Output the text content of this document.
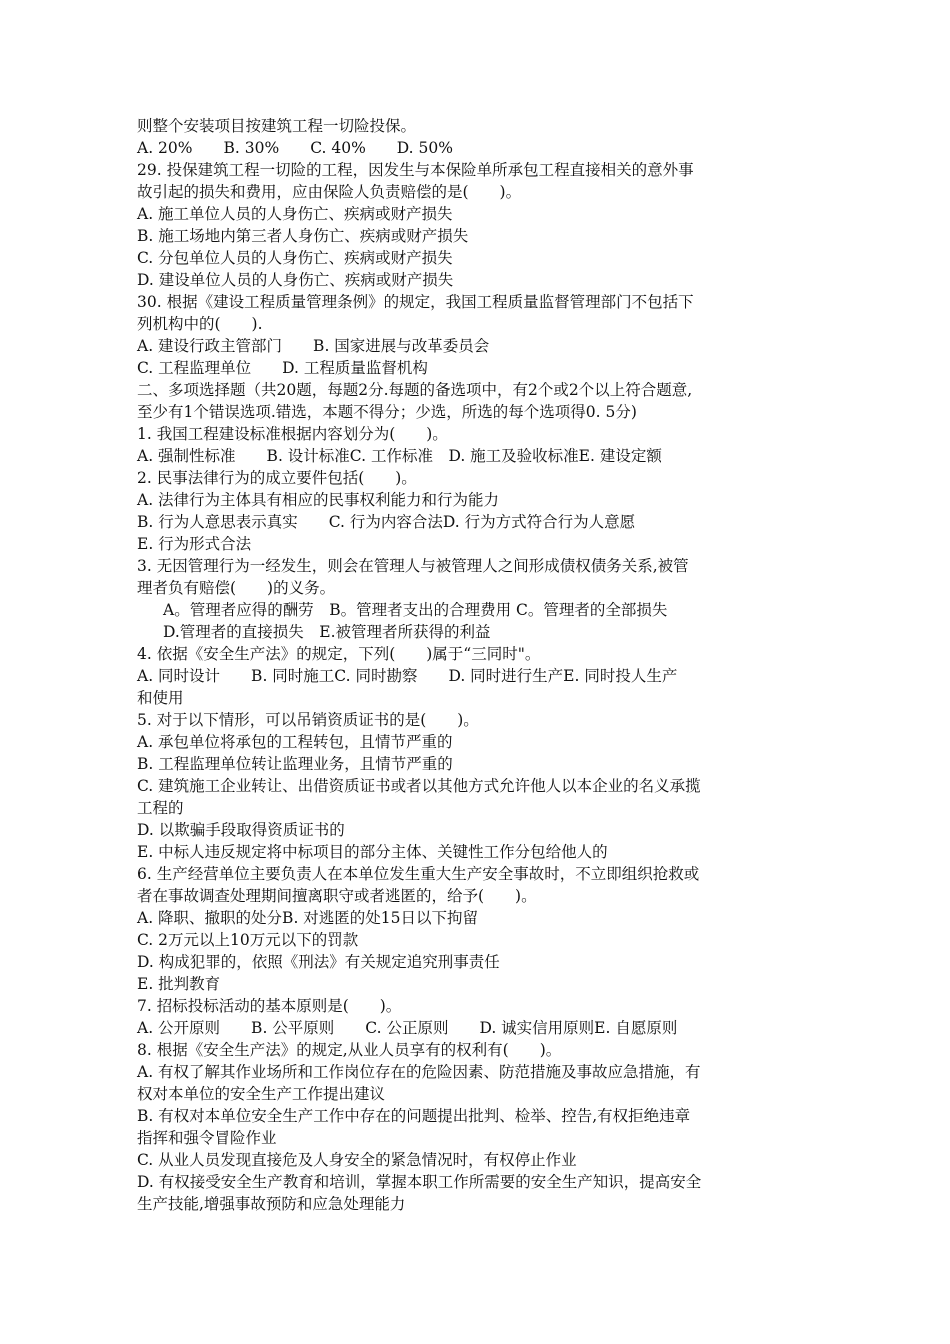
则整个安装项目按建筑工程一切险投保。
A. 20%　　B. 30%　　C. 40%　　D. 50%
29. 投保建筑工程一切险的工程，因发生与本保险单所承包工程直接相关的意外事
故引起的损失和费用，应由保险人负责赔偿的是(　　)。
A. 施工单位人员的人身伤亡、疾病或财产损失
B. 施工场地内第三者人身伤亡、疾病或财产损失
C. 分包单位人员的人身伤亡、疾病或财产损失
D. 建设单位人员的人身伤亡、疾病或财产损失
30. 根据《建设工程质量管理条例》的规定，我国工程质量监督管理部门不包括下
列机构中的(　　).
A. 建设行政主管部门　　B. 国家进展与改革委员会
C. 工程监理单位　　D. 工程质量监督机构
二、多项选择题（共20题，每题2分.每题的备选项中，有2个或2个以上符合题意,
至少有1个错误选项.错选，本题不得分；少选，所选的每个选项得0. 5分)
1. 我国工程建设标准根据内容划分为(　　)。
A. 强制性标准　　B. 设计标准C. 工作标准　D. 施工及验收标准E. 建设定额
2. 民事法律行为的成立要件包括(　　)。
A. 法律行为主体具有相应的民事权利能力和行为能力
B. 行为人意思表示真实　　C. 行为内容合法D. 行为方式符合行为人意愿
E. 行为形式合法
3. 无因管理行为一经发生，则会在管理人与被管理人之间形成债权债务关系,被管
理者负有赔偿(　　)的义务。
A。管理者应得的酬劳　B。管理者支出的合理费用 C。管理者的全部损失
D.管理者的直接损失　E.被管理者所获得的利益
4. 依据《安全生产法》的规定，下列(　　)属于“三同时"。
A. 同时设计　　B. 同时施工C. 同时勘察　　D. 同时进行生产E. 同时投人生产
和使用
5. 对于以下情形，可以吊销资质证书的是(　　)。
A. 承包单位将承包的工程转包，且情节严重的
B. 工程监理单位转让监理业务，且情节严重的
C. 建筑施工企业转让、出借资质证书或者以其他方式允许他人以本企业的名义承揽
工程的
D. 以欺骗手段取得资质证书的
E. 中标人违反规定将中标项目的部分主体、关键性工作分包给他人的
6. 生产经营单位主要负责人在本单位发生重大生产安全事故时，不立即组织抢救或
者在事故调查处理期间擅离职守或者逃匿的，给予(　　)。
A. 降职、撤职的处分B. 对逃匿的处15日以下拘留
C. 2万元以上10万元以下的罚款
D. 构成犯罪的，依照《刑法》有关规定追究刑事责任
E. 批判教育
7. 招标投标活动的基本原则是(　　)。
A. 公开原则　　B. 公平原则　　C. 公正原则　　D. 诚实信用原则E. 自愿原则
8. 根据《安全生产法》的规定,从业人员享有的权利有(　　)。
A. 有权了解其作业场所和工作岗位存在的危险因素、防范措施及事故应急措施，有
权对本单位的安全生产工作提出建议
B. 有权对本单位安全生产工作中存在的问题提出批判、检举、控告,有权拒绝违章
指挥和强令冒险作业
C. 从业人员发现直接危及人身安全的紧急情况时，有权停止作业
D. 有权接受安全生产教育和培训，掌握本职工作所需要的安全生产知识，提高安全
生产技能,增强事故预防和应急处理能力
